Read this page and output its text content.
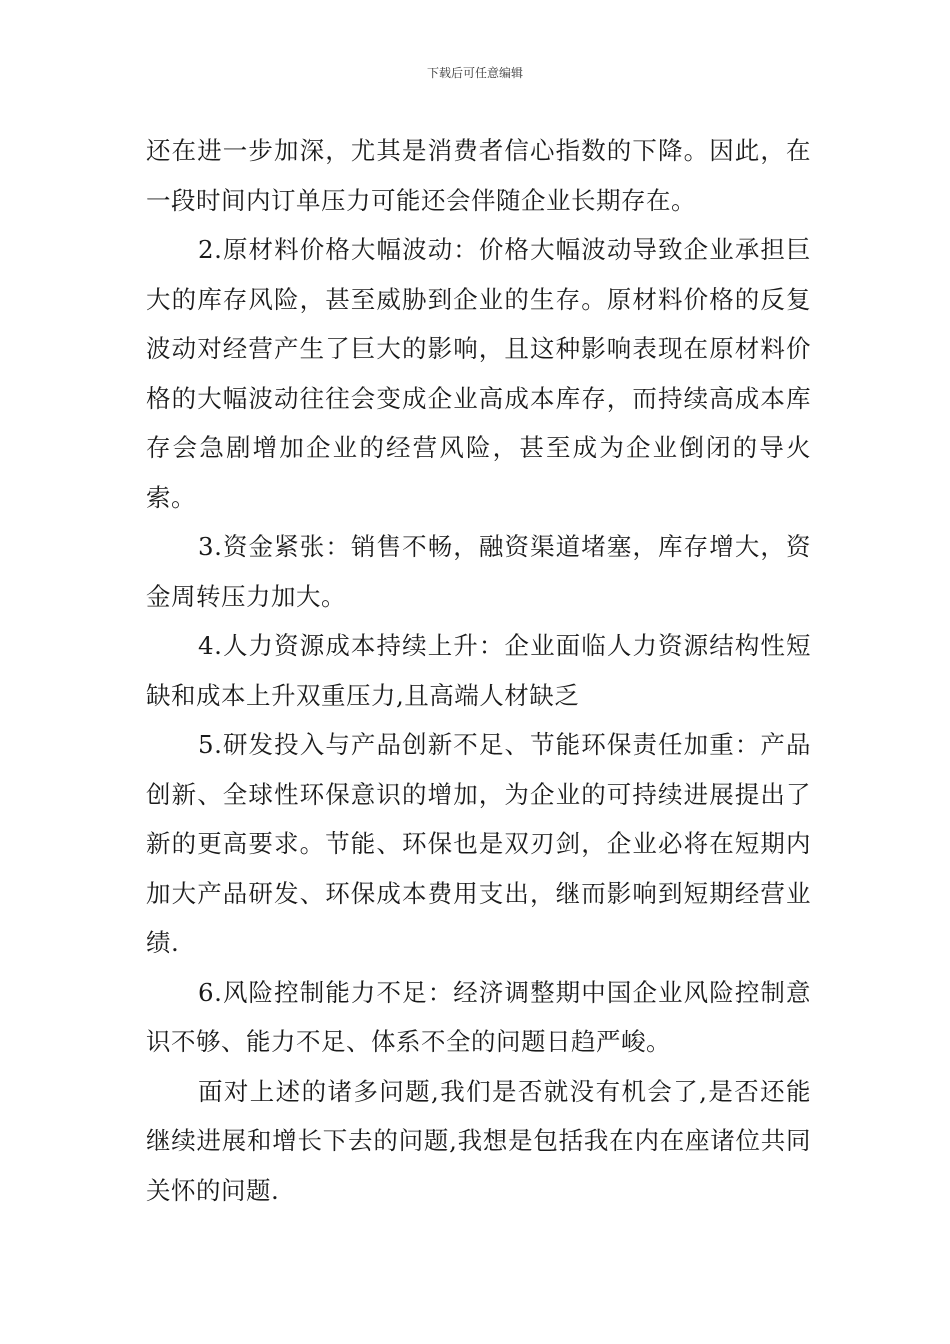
下载后可任意编辑

还在进一步加深，尤其是消费者信心指数的下降。因此，在一段时间内订单压力可能还会伴随企业长期存在。

2.原材料价格大幅波动：价格大幅波动导致企业承担巨大的库存风险，甚至威胁到企业的生存。原材料价格的反复波动对经营产生了巨大的影响，且这种影响表现在原材料价格的大幅波动往往会变成企业高成本库存，而持续高成本库存会急剧增加企业的经营风险，甚至成为企业倒闭的导火索。

3.资金紧张：销售不畅，融资渠道堵塞，库存增大，资金周转压力加大。

4.人力资源成本持续上升：企业面临人力资源结构性短缺和成本上升双重压力,且高端人材缺乏

5.研发投入与产品创新不足、节能环保责任加重：产品创新、全球性环保意识的增加，为企业的可持续进展提出了新的更高要求。节能、环保也是双刃剑，企业必将在短期内加大产品研发、环保成本费用支出，继而影响到短期经营业绩.

6.风险控制能力不足：经济调整期中国企业风险控制意识不够、能力不足、体系不全的问题日趋严峻。

面对上述的诸多问题,我们是否就没有机会了,是否还能继续进展和增长下去的问题,我想是包括我在内在座诸位共同关怀的问题.
